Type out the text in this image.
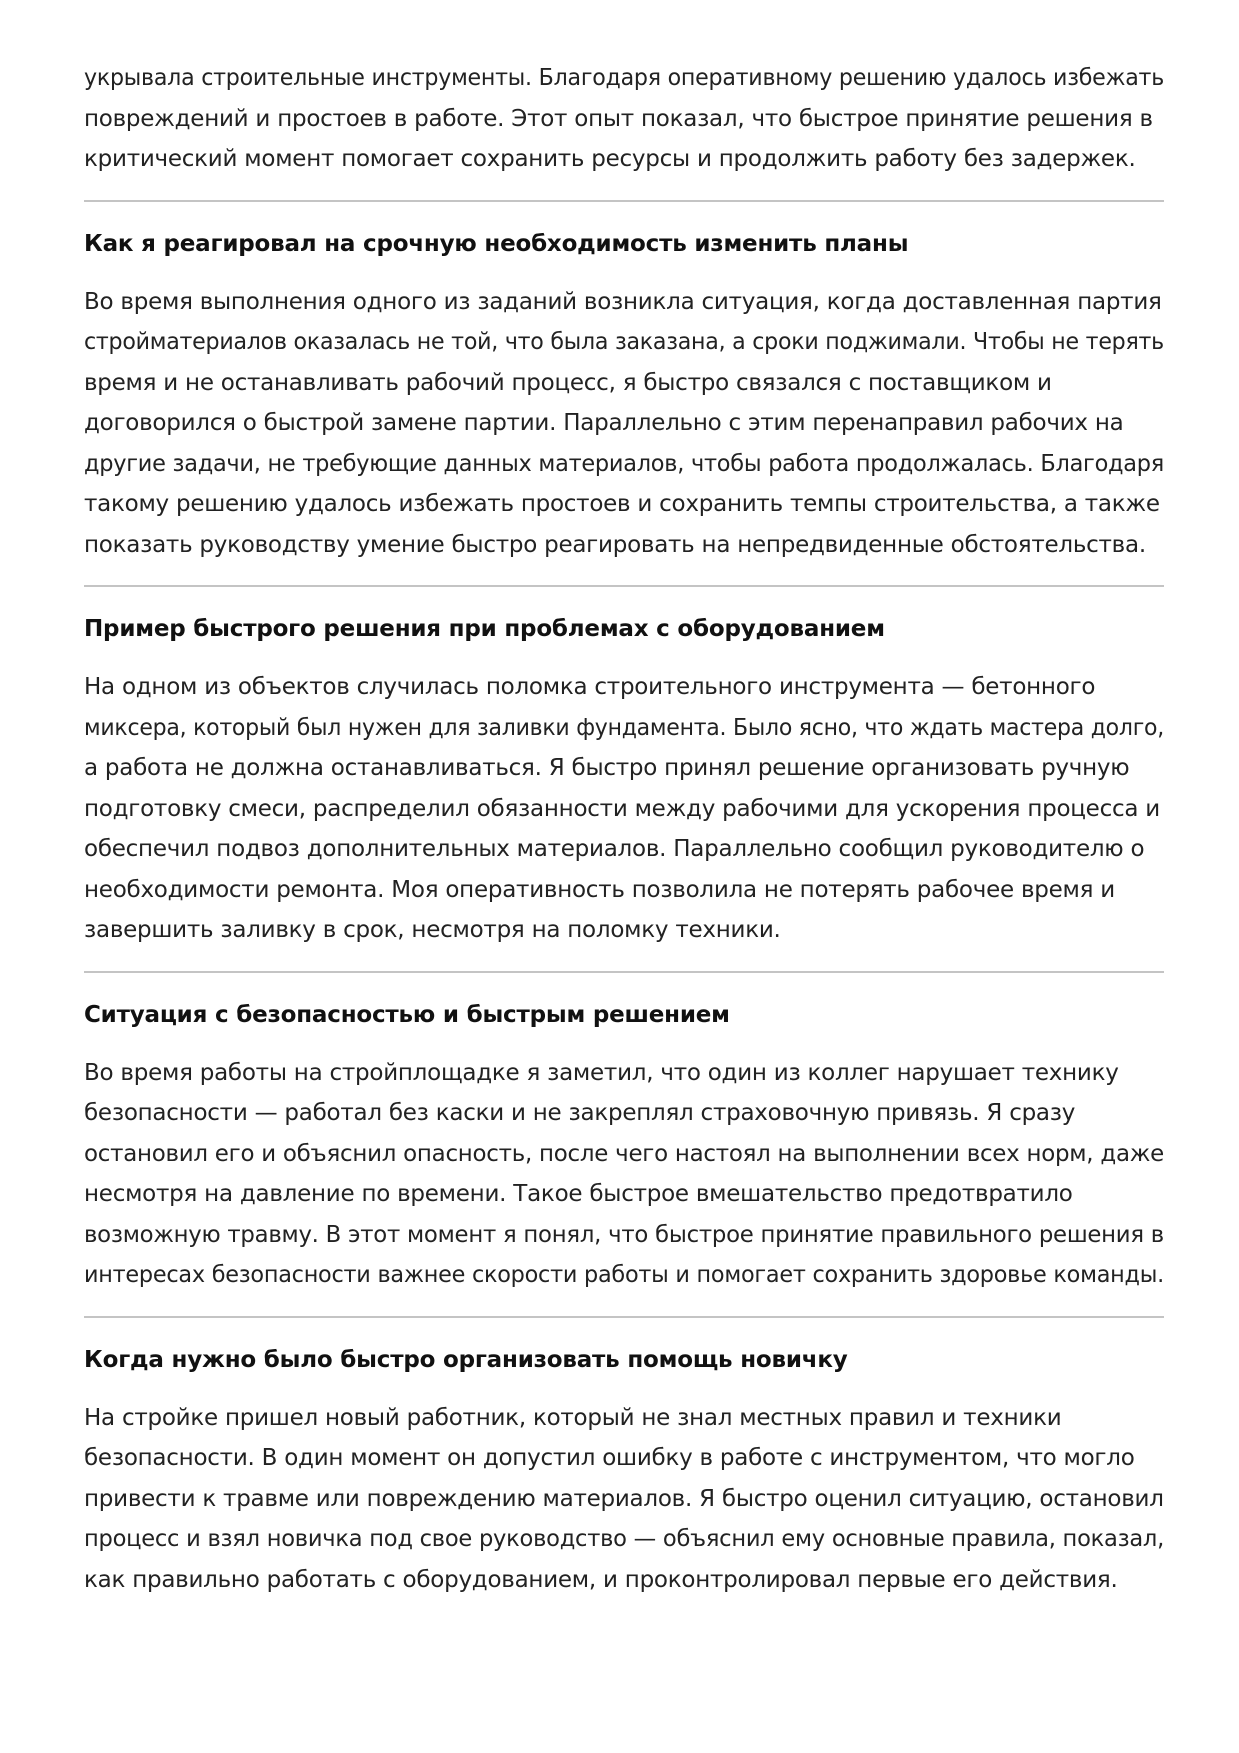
укрывала строительные инструменты. Благодаря оперативному решению удалось избежать
повреждений и простоев в работе. Этот опыт показал, что быстрое принятие решения в
критический момент помогает сохранить ресурсы и продолжить работу без задержек.

Как я реагировал на срочную необходимость изменить планы

Во время выполнения одного из заданий возникла ситуация, когда доставленная партия
стройматериалов оказалась не той, что была заказана, а сроки поджимали. Чтобы не терять
время и не останавливать рабочий процесс, я быстро связался с поставщиком и
договорился о быстрой замене партии. Параллельно с этим перенаправил рабочих на
другие задачи, не требующие данных материалов, чтобы работа продолжалась. Благодаря
такому решению удалось избежать простоев и сохранить темпы строительства, а также
показать руководству умение быстро реагировать на непредвиденные обстоятельства.

Пример быстрого решения при проблемах с оборудованием

На одном из объектов случилась поломка строительного инструмента — бетонного
миксера, который был нужен для заливки фундамента. Было ясно, что ждать мастера долго,
а работа не должна останавливаться. Я быстро принял решение организовать ручную
подготовку смеси, распределил обязанности между рабочими для ускорения процесса и
обеспечил подвоз дополнительных материалов. Параллельно сообщил руководителю о
необходимости ремонта. Моя оперативность позволила не потерять рабочее время и
завершить заливку в срок, несмотря на поломку техники.

Ситуация с безопасностью и быстрым решением

Во время работы на стройплощадке я заметил, что один из коллег нарушает технику
безопасности — работал без каски и не закреплял страховочную привязь. Я сразу
остановил его и объяснил опасность, после чего настоял на выполнении всех норм, даже
несмотря на давление по времени. Такое быстрое вмешательство предотвратило
возможную травму. В этот момент я понял, что быстрое принятие правильного решения в
интересах безопасности важнее скорости работы и помогает сохранить здоровье команды.

Когда нужно было быстро организовать помощь новичку

На стройке пришел новый работник, который не знал местных правил и техники
безопасности. В один момент он допустил ошибку в работе с инструментом, что могло
привести к травме или повреждению материалов. Я быстро оценил ситуацию, остановил
процесс и взял новичка под свое руководство — объяснил ему основные правила, показал,
как правильно работать с оборудованием, и проконтролировал первые его действия.
